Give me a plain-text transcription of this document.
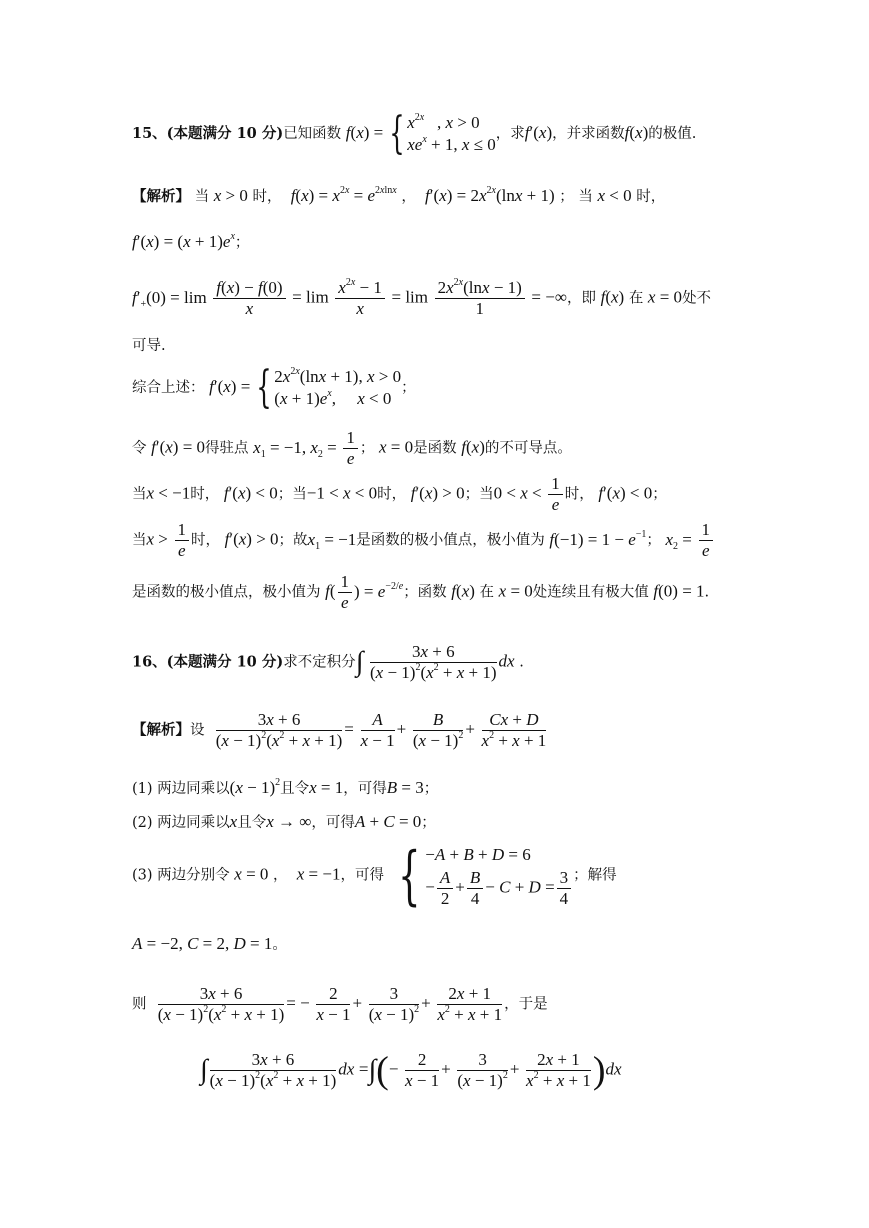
15、(本题满分 10 分)已知函数 f(x) = { $x^{2x}$   , x > 0
$xe^x + 1$, x ≤ 0
，求f′(x)，并求函数f(x)的极值.
【解析】 当 x > 0 时， $f(x) = x^{2x} = e^{2xlnx}$ ，  $f'(x) = 2x^{2x}(\ln x + 1)$ ； 当 x < 0 时，
$f'(x) = (x + 1)e^x$；
$f'_+(0) = \lim \frac{f(x) - f(0)}{x} = \lim \frac{x^{2x} - 1}{x} = \lim \frac{2x^{2x}(\ln x - 1)}{1}$ = −∞，即 f(x) 在 x = 0处不
可导.
综合上述： f′(x) = { $2x^{2x}(\ln x + 1)$, x > 0
$(x + 1)e^x$,     x < 0
；
令 f′(x) = 0得驻点 $x_1 = -1$, $x_2 = \frac{1}{e}$ ； x = 0是函数 f(x)的不可导点。
当x < −1时， f′(x) < 0；当−1 < x < 0时， f′(x) > 0；当$0 < x < \frac{1}{e}$ 时， f′(x) < 0；
当$x > \frac{1}{e}$ 时， f′(x) > 0；故$x_1 = -1$是函数的极小值点，极小值为 $f(-1) = 1 - e^{-1}$； $x_2 = \frac{1}{e}$
是函数的极小值点，极小值为 $f( \frac{1}{e}$ ) = $e^{-2/e}$；函数 f(x) 在 x = 0处连续且有极大值 f(0) = 1.
16、(本题满分 10 分)求不定积分∫ $\frac{3x + 6}{(x - 1)^2(x^2 + x + 1)}$ dx .
【解析】设 $\frac{3x + 6}{(x - 1)^2(x^2 + x + 1)} = \frac{A}{x - 1} + \frac{B}{(x - 1)^2} + \frac{Cx + D}{x^2 + x + 1}$
(1) 两边同乘以$(x - 1)^2$且令x = 1，可得B = 3；
(2) 两边同乘以x且令x → ∞，可得A + C = 0；
(3) 两边分别令 x = 0 ，  x = −1，可得 { −A + B + D = 6
− $\frac{A}{2} + \frac{B}{4} - C + D = \frac{3}{4}$ ；解得
A = −2, C = 2, D = 1。
则 $\frac{3x + 6}{(x - 1)^2(x^2 + x + 1)}$ = − $\frac{2}{x - 1} + \frac{3}{(x - 1)^2} + \frac{2x + 1}{x^2 + x + 1}$ ，于是
∫ $\frac{3x + 6}{(x - 1)^2(x^2 + x + 1)}$ dx =∫(− $\frac{2}{x - 1} + \frac{3}{(x - 1)^2} + \frac{2x + 1}{x^2 + x + 1} )dx$
